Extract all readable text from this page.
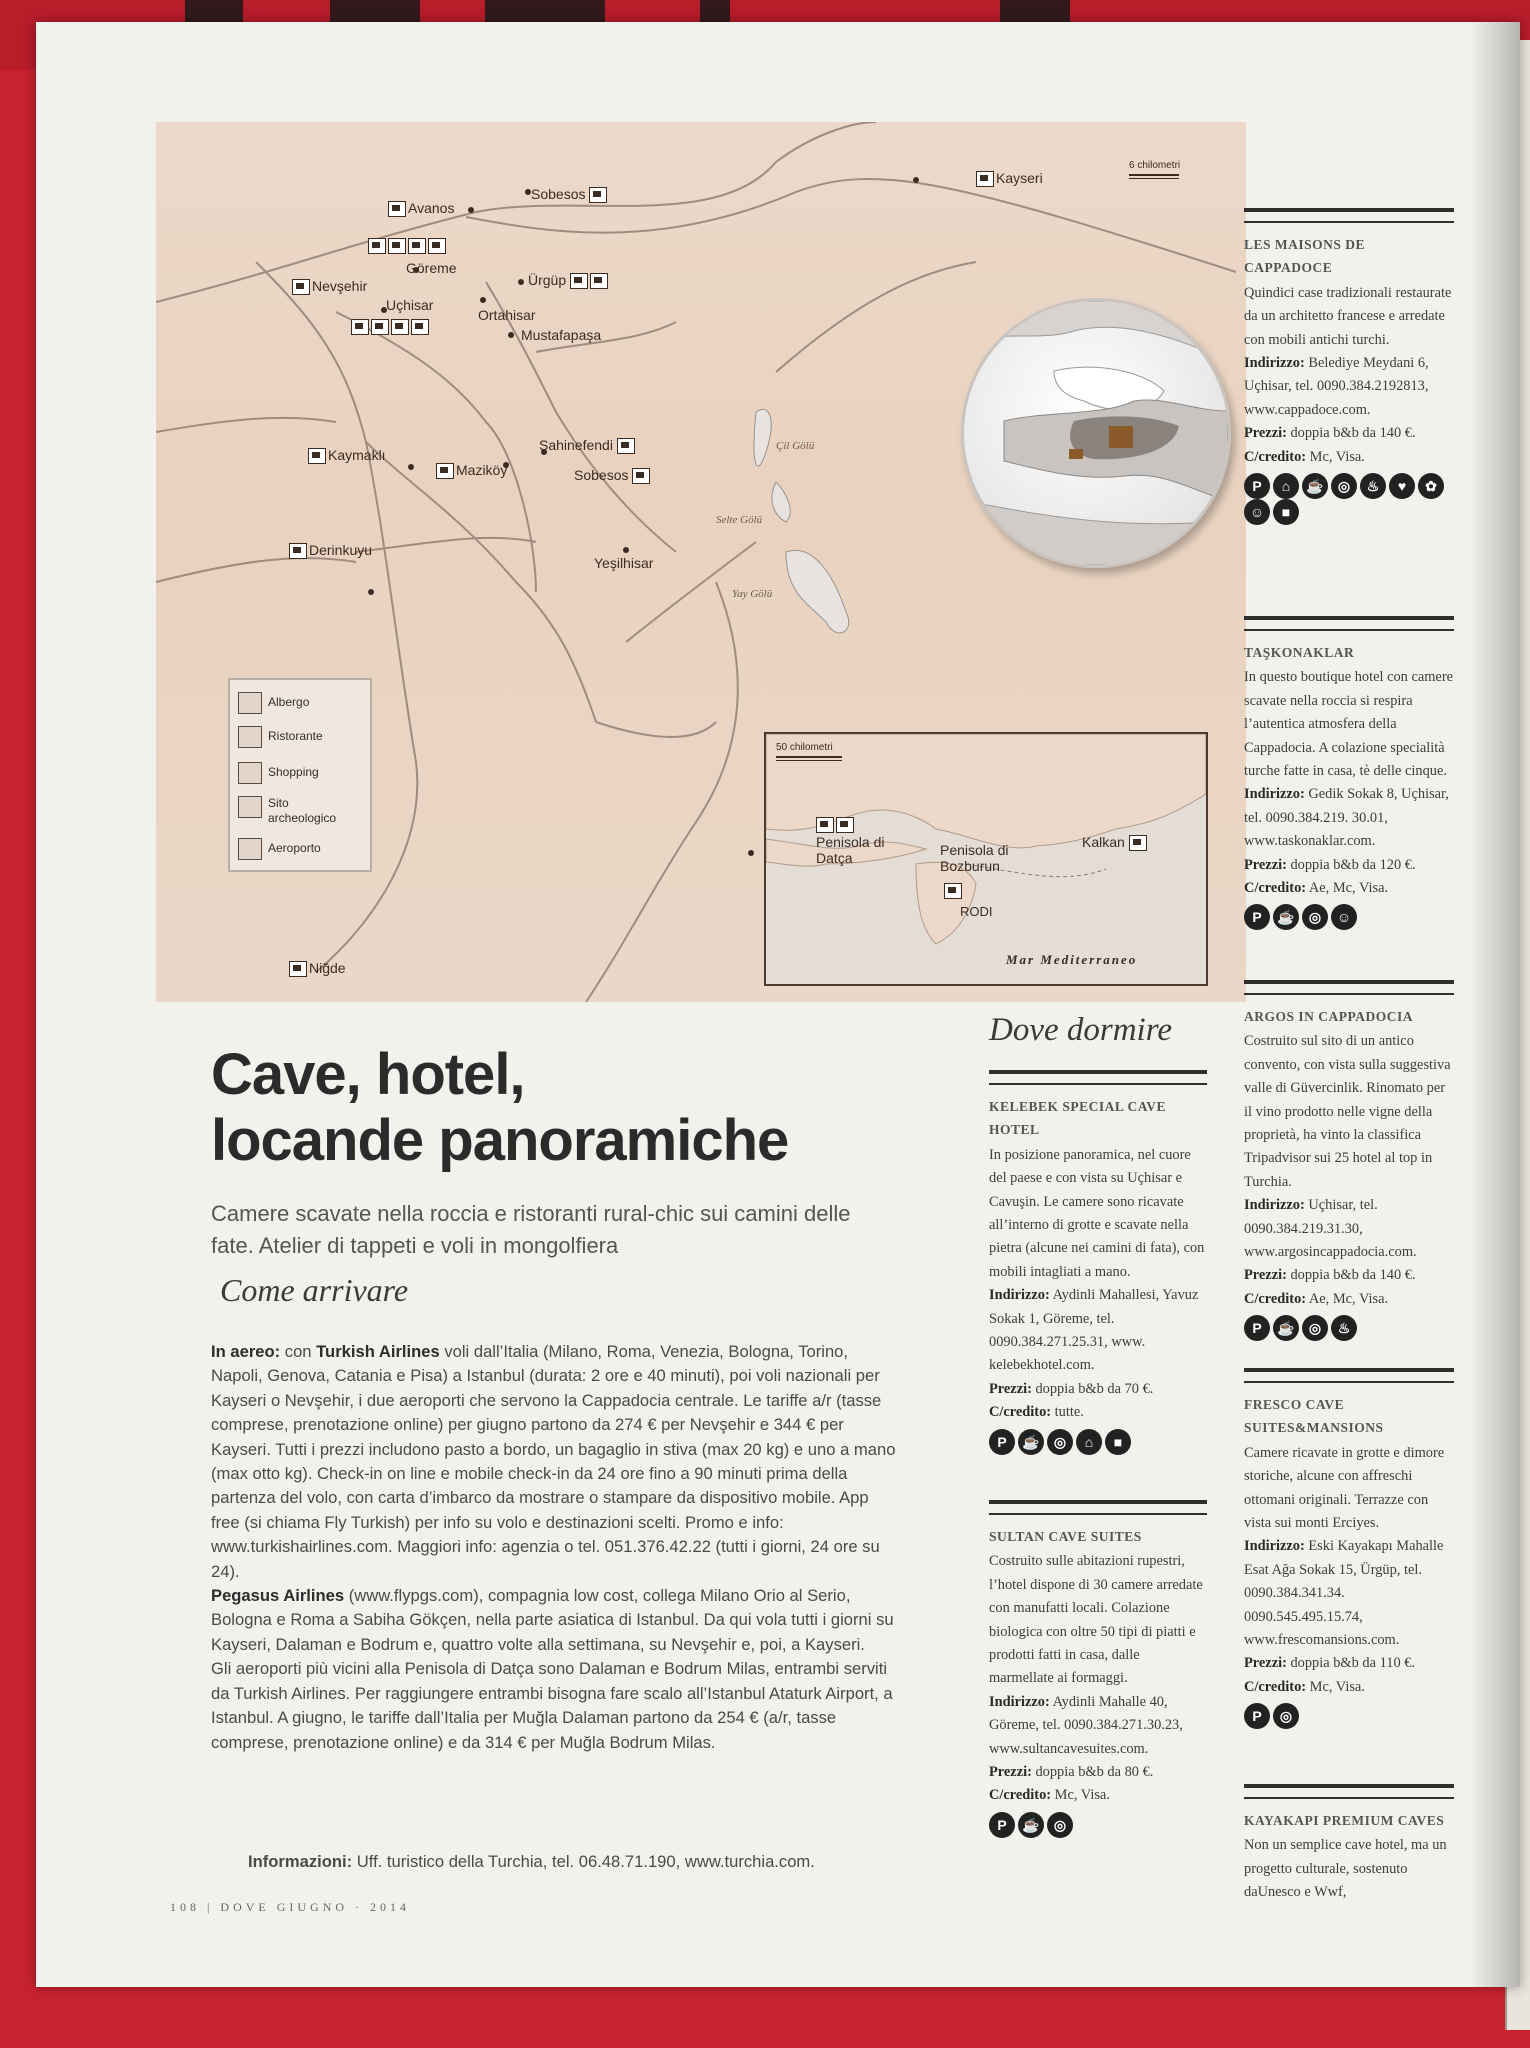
6 chilometri
Kayseri
Avanos
Sobesos
Göreme
Nevşehir
Uçhisar
Ürgüp
Ortahisar
Mustafapaşa
Kaymaklı
Maziköy
Şahinefendi
Sobesos
Derinkuyu
Yeşilhisar
Niğde
Çil Gölü
Selte Gölü
Yay Gölü
Albergo
Ristorante
Shopping
Sito archeologico
Aeroporto
50 chilometri
Penisola di Datça	Penisola di Bozburun
RODI
Kalkan
Mar Mediterraneo
Cave, hotel,
locande panoramiche
Camere scavate nella roccia e ristoranti rural-chic sui camini delle fate. Atelier di tappeti e voli in mongolfiera
Come arrivare

In aereo: con Turkish Airlines voli dall’Italia (Milano, Roma, Venezia, Bologna, Torino, Napoli, Genova, Catania e Pisa) a Istanbul (durata: 2 ore e 40 minuti), poi voli nazionali per Kayseri o Nevşehir, i due aeroporti che servono la Cappadocia centrale. Le tariffe a/r (tasse comprese, prenotazione online) per giugno partono da 274 € per Nevşehir e 344 € per Kayseri. Tutti i prezzi includono pasto a bordo, un bagaglio in stiva (max 20 kg) e uno a mano (max otto kg). Check-in on line e mobile check-in da 24 ore fino a 90 minuti prima della partenza del volo, con carta d’imbarco da mostrare o stampare da dispositivo mobile. App free (si chiama Fly Turkish) per info su volo e destinazioni scelti. Promo e info: www.turkishairlines.com. Maggiori info: agenzia o tel. 051.376.42.22 (tutti i giorni, 24 ore su 24).

Pegasus Airlines (www.flypgs.com), compagnia low cost, collega Milano Orio al Serio, Bologna e Roma a Sabiha Gökçen, nella parte asiatica di Istanbul. Da qui vola tutti i giorni su Kayseri, Dalaman e Bodrum e, quattro volte alla settimana, su Nevşehir e, poi, a Kayseri.

Gli aeroporti più vicini alla Penisola di Datça sono Dalaman e Bodrum Milas, entrambi serviti da Turkish Airlines. Per raggiungere entrambi bisogna fare scalo all’Istanbul Ataturk Airport, a Istanbul. A giugno, le tariffe dall’Italia per Muğla Dalaman partono da 254 € (a/r, tasse comprese, prenotazione online) e da 314 € per Muğla Bodrum Milas.

Informazioni: Uff. turistico della Turchia, tel. 06.48.71.190, www.turchia.com.
108 | DOVE GIUGNO · 2014
Dove dormire
KELEBEK SPECIAL CAVE HOTEL
In posizione panoramica, nel cuore del paese e con vista su Uçhisar e Cavuşin. Le camere sono ricavate all’interno di grotte e scavate nella pietra (alcune nei camini di fata), con mobili intagliati a mano.
Indirizzo: Aydinli Mahallesi, Yavuz Sokak 1, Göreme, tel. 0090.384.271.25.31, www. kelebekhotel.com.
Prezzi: doppia b&b da 70 €.
C/credito: tutte.
P ☕ ◎ ⌂ ■
SULTAN CAVE SUITES
Costruito sulle abitazioni rupestri, l’hotel dispone di 30 camere arredate con manufatti locali. Colazione biologica con oltre 50 tipi di piatti e prodotti fatti in casa, dalle marmellate ai formaggi.
Indirizzo: Aydinli Mahalle 40, Göreme, tel. 0090.384.271.30.23, www.sultancavesuites.com.
Prezzi: doppia b&b da 80 €.
C/credito: Mc, Visa.
P ☕ ◎
LES MAISONS DE CAPPADOCE
Quindici case tradizionali restaurate da un architetto francese e arredate con mobili antichi turchi.
Indirizzo: Belediye Meydani 6, Uçhisar, tel. 0090.384.2192813, www.cappadoce.com.
Prezzi: doppia b&b da 140 €.
C/credito: Mc, Visa.
P ⌂ ☕ ◎ ♨ ♥ ✿☺ ■
TAŞKONAKLAR
In questo boutique hotel con camere scavate nella roccia si respira l’autentica atmosfera della Cappadocia. A colazione specialità turche fatte in casa, tè delle cinque.
Indirizzo: Gedik Sokak 8, Uçhisar, tel. 0090.384.219. 30.01, www.taskonaklar.com.
Prezzi: doppia b&b da 120 €.
C/credito: Ae, Mc, Visa.
P ☕ ◎ ☺
ARGOS IN CAPPADOCIA
Costruito sul sito di un antico convento, con vista sulla suggestiva valle di Güvercinlik. Rinomato per il vino prodotto nelle vigne della proprietà, ha vinto la classifica Tripadvisor sui 25 hotel al top in Turchia.
Indirizzo: Uçhisar, tel. 0090.384.219.31.30, www.argosincappadocia.com.
Prezzi: doppia b&b da 140 €.
C/credito: Ae, Mc, Visa.
P ☕ ◎ ♨
FRESCO CAVE SUITES&MANSIONS
Camere ricavate in grotte e dimore storiche, alcune con affreschi ottomani originali. Terrazze con vista sui monti Erciyes.
Indirizzo: Eski Kayakapı Mahalle Esat Ağa Sokak 15, Ürgüp, tel. 0090.384.341.34. 0090.545.495.15.74, www.frescomansions.com.
Prezzi: doppia b&b da 110 €.
C/credito: Mc, Visa.
P ◎
KAYAKAPI PREMIUM CAVES
Non un semplice cave hotel, ma un progetto culturale, sostenuto daUnesco e Wwf,
